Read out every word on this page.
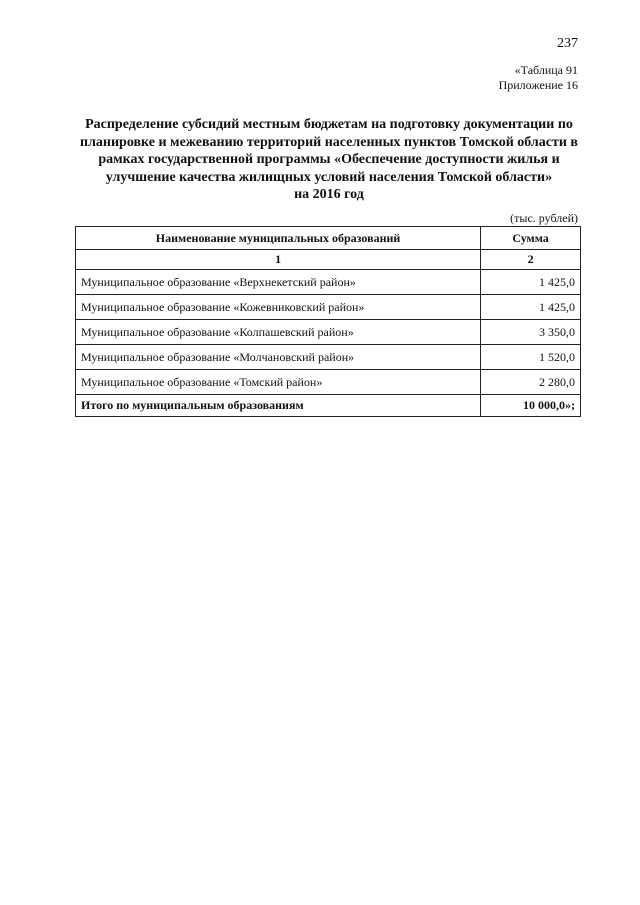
237
«Таблица 91
Приложение 16
Распределение субсидий местным бюджетам на подготовку документации по
планировке и межеванию территорий населенных пунктов Томской области в
рамках государственной программы «Обеспечение доступности жилья и
улучшение качества жилищных условий населения Томской области»
на 2016 год
(тыс. рублей)
Наименование муниципальных образований	Сумма
1	2
Муниципальное образование «Верхнекетский район»	1 425,0
Муниципальное образование «Кожевниковский район»	1 425,0
Муниципальное образование «Колпашевский район»	3 350,0
Муниципальное образование «Молчановский район»	1 520,0
Муниципальное образование «Томский район»	2 280,0
Итого по муниципальным образованиям	10 000,0»;
